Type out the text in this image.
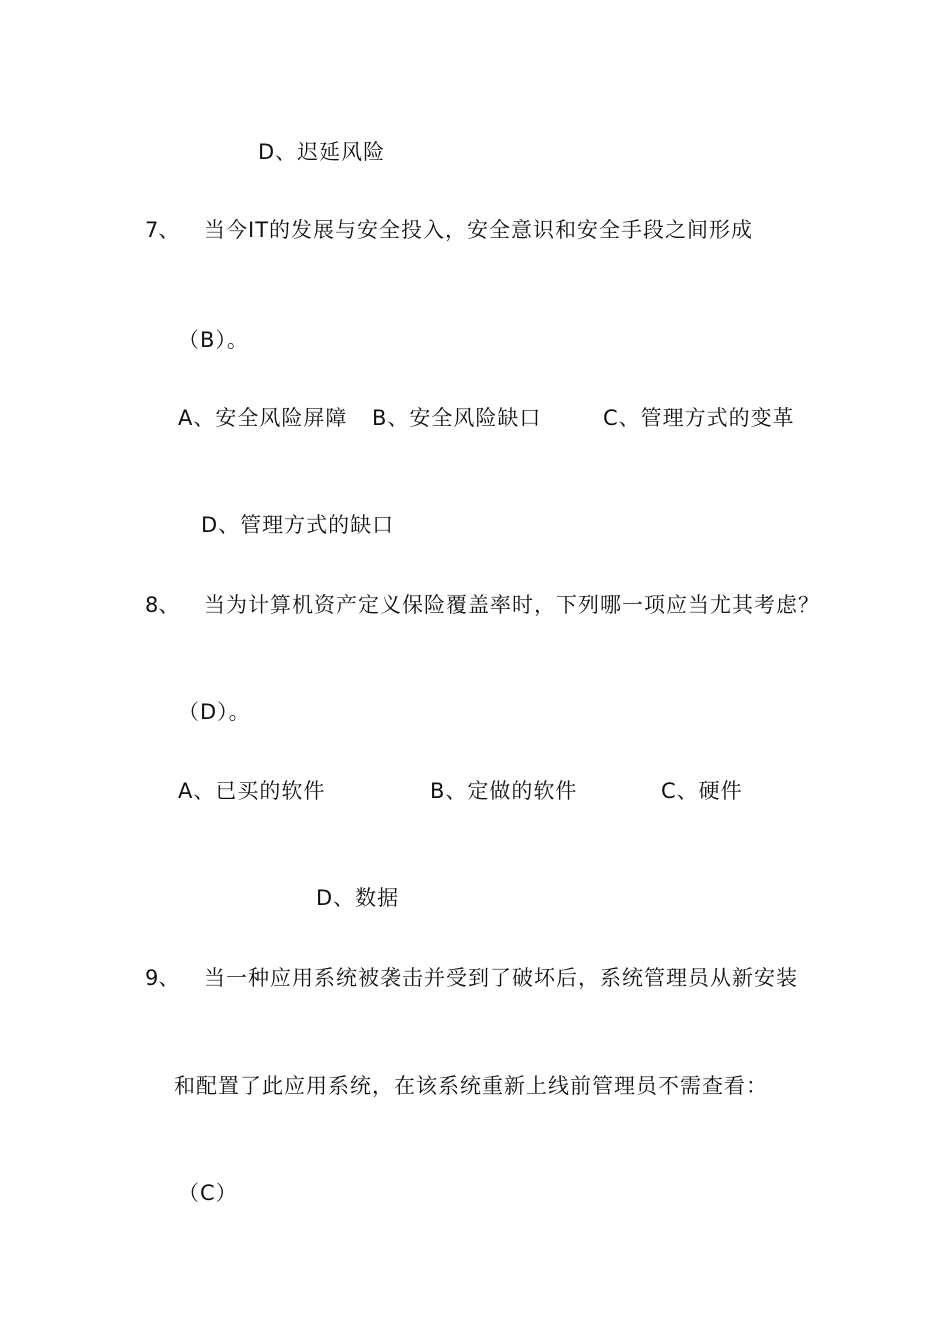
D、迟延风险
7、 当今IT的发展与安全投入，安全意识和安全手段之间形成
（B）。
A、安全风险屏障 B、安全风险缺口	C、管理方式的变革
D、管理方式的缺口
8、 当为计算机资产定义保险覆盖率时，下列哪一项应当尤其考虑？
（D）。
A、已买的软件	B、定做的软件	C、硬件
D、数据
9、 当一种应用系统被袭击并受到了破坏后，系统管理员从新安装
和配置了此应用系统，在该系统重新上线前管理员不需查看：
（C）
